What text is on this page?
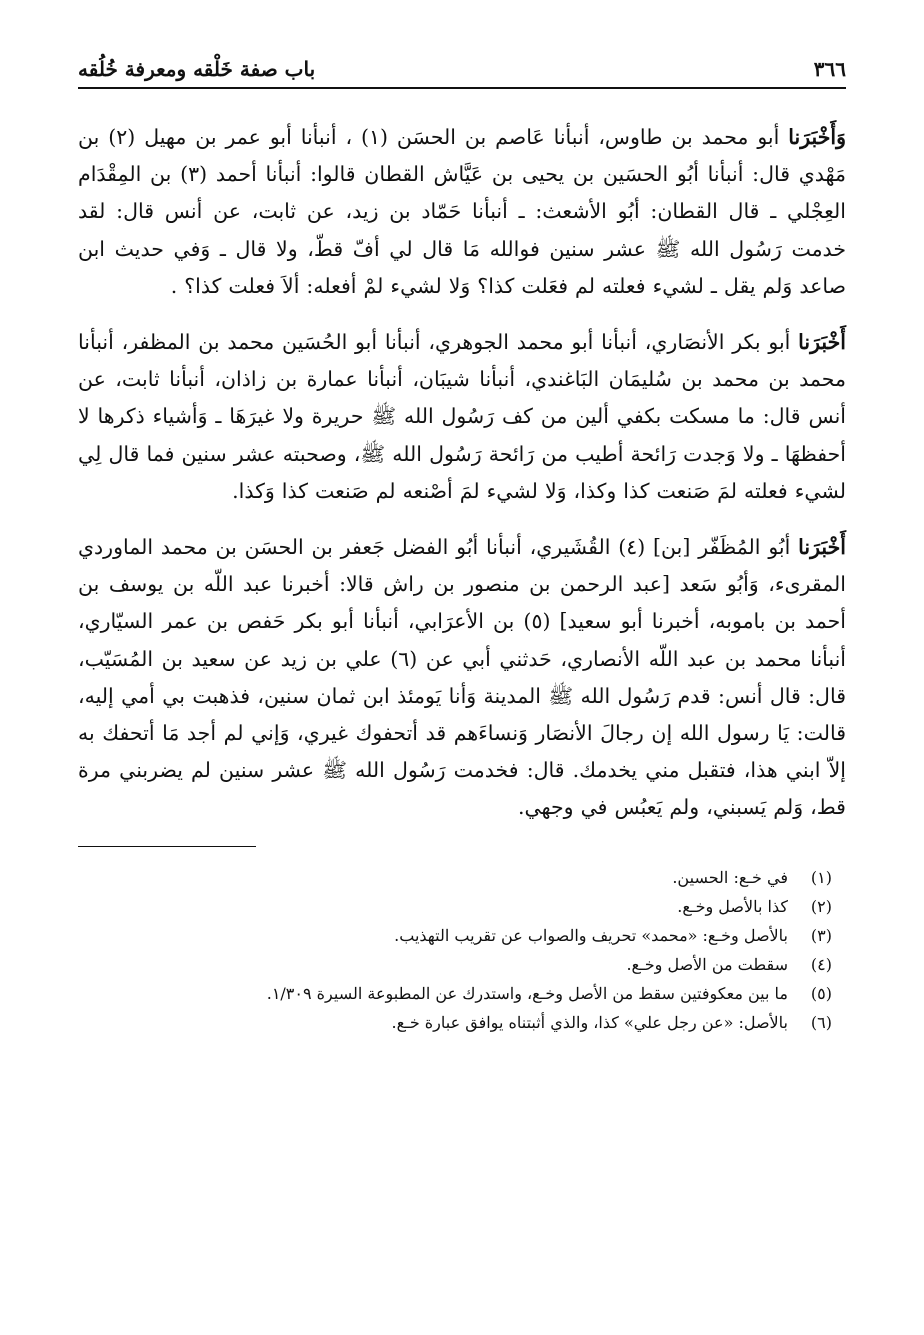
٣٦٦
باب صفة خَلْقه ومعرفة خُلُقه

وَأَخْبَرَنا أبو محمد بن طاوس، أنبأنا عَاصم بن الحسَن (١) ، أنبأنا أبو عمر بن مهيل (٢) بن مَهْدي قال: أنبأنا أبُو الحسَين بن يحيى بن عَيَّاش القطان قالوا: أنبأنا أحمد (٣) بن المِقْدَام العِجْلي ـ قال القطان: أبُو الأشعث: ـ أنبأنا حَمّاد بن زيد، عن ثابت، عن أنس قال: لقد خدمت رَسُول الله ﷺ عشر سنين فوالله مَا قال لي أفّ قطّ، ولا قال ـ وَفي حديث ابن صاعد وَلم يقل ـ لشيء فعلته لم فعَلت كذا؟ وَلا لشيء لمْ أفعله: ألاَ فعلت كذا؟ .

أَخْبَرَنا أبو بكر الأنصَاري، أنبأنا أبو محمد الجوهري، أنبأنا أبو الحُسَين محمد بن المظفر، أنبأنا محمد بن محمد بن سُليمَان البَاغندي، أنبأنا شيبَان، أنبأنا عمارة بن زاذان، أنبأنا ثابت، عن أنس قال: ما مسكت بكفي ألين من كف رَسُول الله ﷺ حريرة ولا غيرَهَا ـ وَأشياء ذكرها لا أحفظهَا ـ ولا وَجدت رَائحة أطيب من رَائحة رَسُول الله ﷺ، وصحبته عشر سنين فما قال لِي لشيء فعلته لمَ صَنعت كذا وكذا، وَلا لشيء لمَ أصْنعه لم صَنعت كذا وَكذا.

أَخْبَرَنا أبُو المُظَفّر [بن] (٤) القُشَيري، أنبأنا أبُو الفضل جَعفر بن الحسَن بن محمد الماوردي المقرىء، وَأبُو سَعد [عبد الرحمن بن منصور بن راش قالا: أخبرنا عبد اللّه بن يوسف بن أحمد بن باموبه، أخبرنا أبو سعيد] (٥) بن الأعرَابي، أنبأنا أبو بكر حَفص بن عمر السيّاري، أنبأنا محمد بن عبد اللّه الأنصاري، حَدثني أبي عن (٦) علي بن زيد عن سعيد بن المُسَيّب، قال: قال أنس: قدم رَسُول الله ﷺ المدينة وَأنا يَومئذ ابن ثمان سنين، فذهبت بي أمي إليه، قالت: يَا رسول الله إن رجالَ الأنصَار وَنساءَهم قد أتحفوك غيري، وَإني لم أجد مَا أتحفك به إلاّ ابني هذا، فتقبل مني يخدمك. قال: فخدمت رَسُول الله ﷺ عشر سنين لم يضربني مرة قط، وَلم يَسبني، ولم يَعبُس في وجهي.

(١)
في خـع: الحسين.
(٢)
كذا بالأصل وخـع.
(٣)
بالأصل وخـع: «محمد» تحريف والصواب عن تقريب التهذيب.
(٤)
سقطت من الأصل وخـع.
(٥)
ما بين معكوفتين سقط من الأصل وخـع، واستدرك عن المطبوعة السيرة ١/٣٠٩.
(٦)
بالأصل: «عن رجل علي» كذا، والذي أثبتناه يوافق عبارة خـع.
